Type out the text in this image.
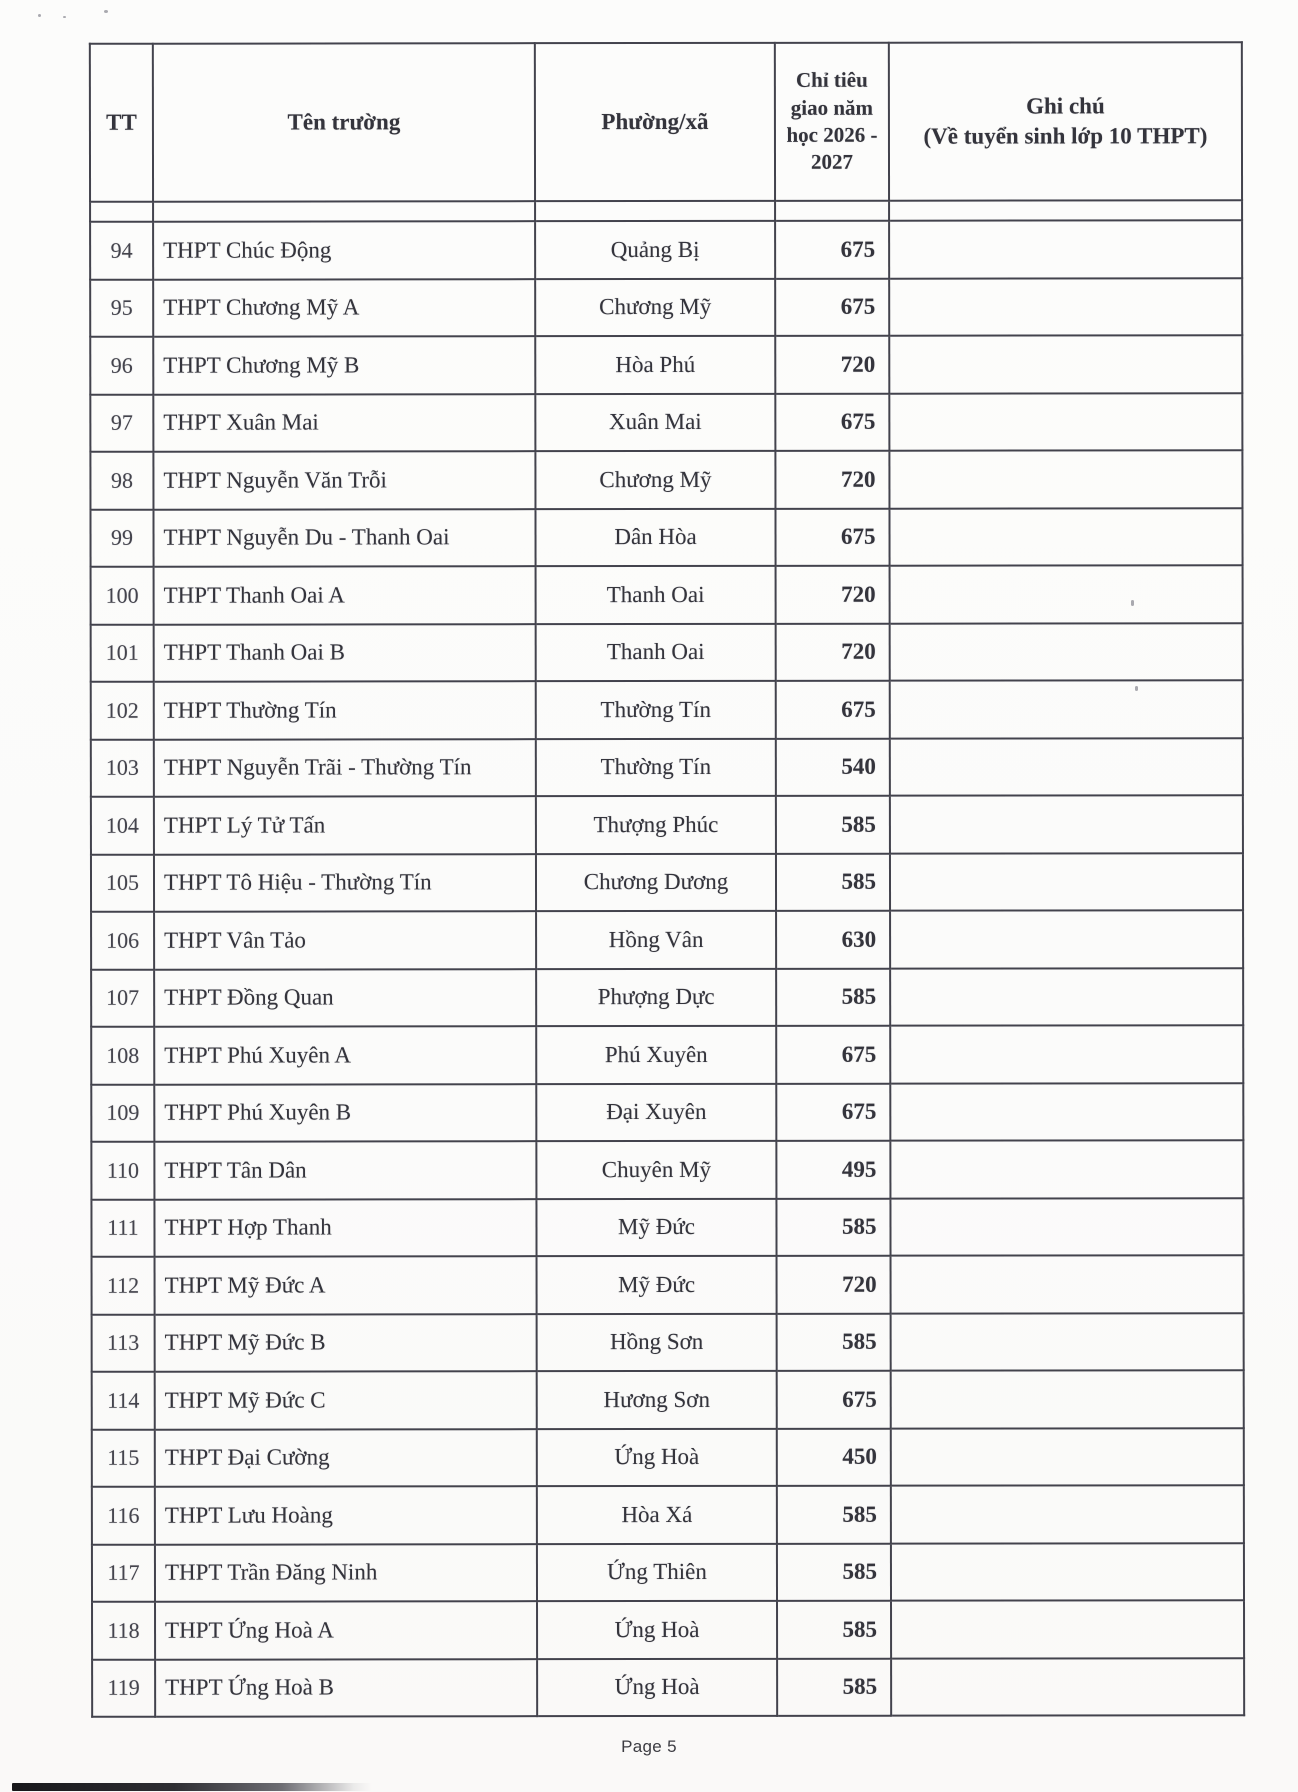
TT	Tên trường	Phường/xã	Chỉ tiêu giao năm học 2026 - 2027	Ghi chú
(Về tuyển sinh lớp 10 THPT)

94	THPT Chúc Động	Quảng Bị	675	
95	THPT Chương Mỹ A	Chương Mỹ	675	
96	THPT Chương Mỹ B	Hòa Phú	720	
97	THPT Xuân Mai	Xuân Mai	675	
98	THPT Nguyễn Văn Trỗi	Chương Mỹ	720	
99	THPT Nguyễn Du - Thanh Oai	Dân Hòa	675	
100	THPT Thanh Oai A	Thanh Oai	720	
101	THPT Thanh Oai B	Thanh Oai	720	
102	THPT Thường Tín	Thường Tín	675	
103	THPT Nguyễn Trãi - Thường Tín	Thường Tín	540	
104	THPT Lý Tử Tấn	Thượng Phúc	585	
105	THPT Tô Hiệu - Thường Tín	Chương Dương	585	
106	THPT Vân Tảo	Hồng Vân	630	
107	THPT Đồng Quan	Phượng Dực	585	
108	THPT Phú Xuyên A	Phú Xuyên	675	
109	THPT Phú Xuyên B	Đại Xuyên	675	
110	THPT Tân Dân	Chuyên Mỹ	495	
111	THPT Hợp Thanh	Mỹ Đức	585	
112	THPT Mỹ Đức A	Mỹ Đức	720	
113	THPT Mỹ Đức B	Hồng Sơn	585	
114	THPT Mỹ Đức C	Hương Sơn	675	
115	THPT Đại Cường	Ứng Hoà	450	
116	THPT Lưu Hoàng	Hòa Xá	585	
117	THPT Trần Đăng Ninh	Ứng Thiên	585	
118	THPT Ứng Hoà A	Ứng Hoà	585	
119	THPT Ứng Hoà B	Ứng Hoà	585	
Page 5
